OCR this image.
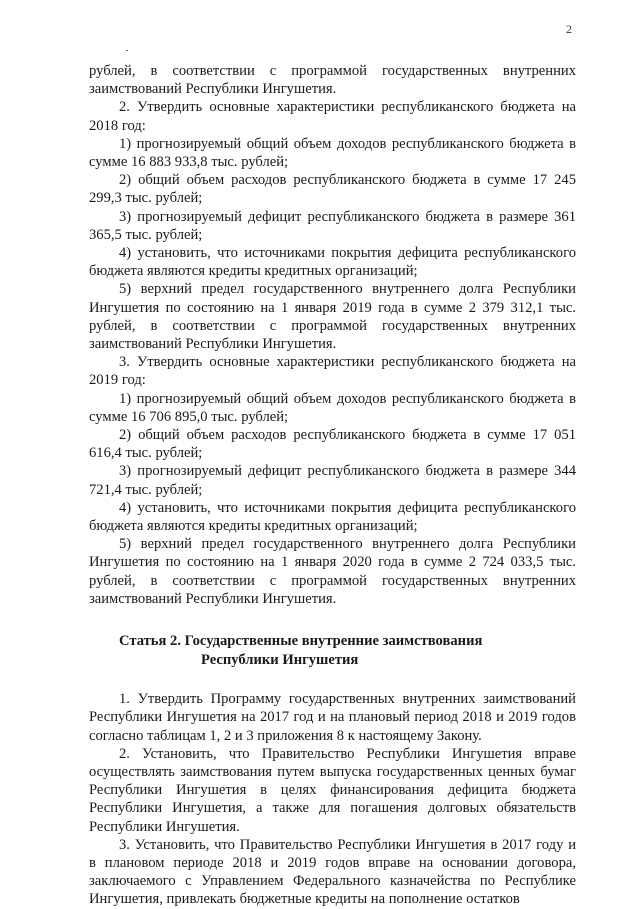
2

рублей, в соответствии с программой государственных внутренних заимствований Республики Ингушетия.

2. Утвердить основные характеристики республиканского бюджета на 2018 год:

1) прогнозируемый общий объем доходов республиканского бюджета в сумме 16 883 933,8 тыс. рублей;

2) общий объем расходов республиканского бюджета в сумме 17 245 299,3 тыс. рублей;

3) прогнозируемый дефицит республиканского бюджета в размере 361 365,5 тыс. рублей;

4) установить, что источниками покрытия дефицита республиканского бюджета являются кредиты кредитных организаций;

5) верхний предел государственного внутреннего долга Республики Ингушетия по состоянию на 1 января 2019 года в сумме 2 379 312,1 тыс. рублей, в соответствии с программой государственных внутренних заимствований Республики Ингушетия.

3. Утвердить основные характеристики республиканского бюджета на 2019 год:

1) прогнозируемый общий объем доходов республиканского бюджета в сумме 16 706 895,0 тыс. рублей;

2) общий объем расходов республиканского бюджета в сумме 17 051 616,4 тыс. рублей;

3) прогнозируемый дефицит республиканского бюджета в размере 344 721,4 тыс. рублей;

4) установить, что источниками покрытия дефицита республиканского бюджета являются кредиты кредитных организаций;

5) верхний предел государственного внутреннего долга Республики Ингушетия по состоянию на 1 января 2020 года в сумме 2 724 033,5 тыс. рублей, в соответствии с программой государственных внутренних заимствований Республики Ингушетия.

Статья 2. Государственные внутренние заимствования
Республики Ингушетия

1. Утвердить Программу государственных внутренних заимствований Республики Ингушетия на 2017 год и на плановый период 2018 и 2019 годов согласно таблицам 1, 2 и 3 приложения 8 к настоящему Закону.

2. Установить, что Правительство Республики Ингушетия вправе осуществлять заимствования путем выпуска государственных ценных бумаг Республики Ингушетия в целях финансирования дефицита бюджета Республики Ингушетия, а также для погашения долговых обязательств Республики Ингушетия.

3. Установить, что Правительство Республики Ингушетия в 2017 году и в плановом периоде 2018 и 2019 годов вправе на основании договора, заключаемого с Управлением Федерального казначейства по Республике Ингушетия, привлекать бюджетные кредиты на пополнение остатков
